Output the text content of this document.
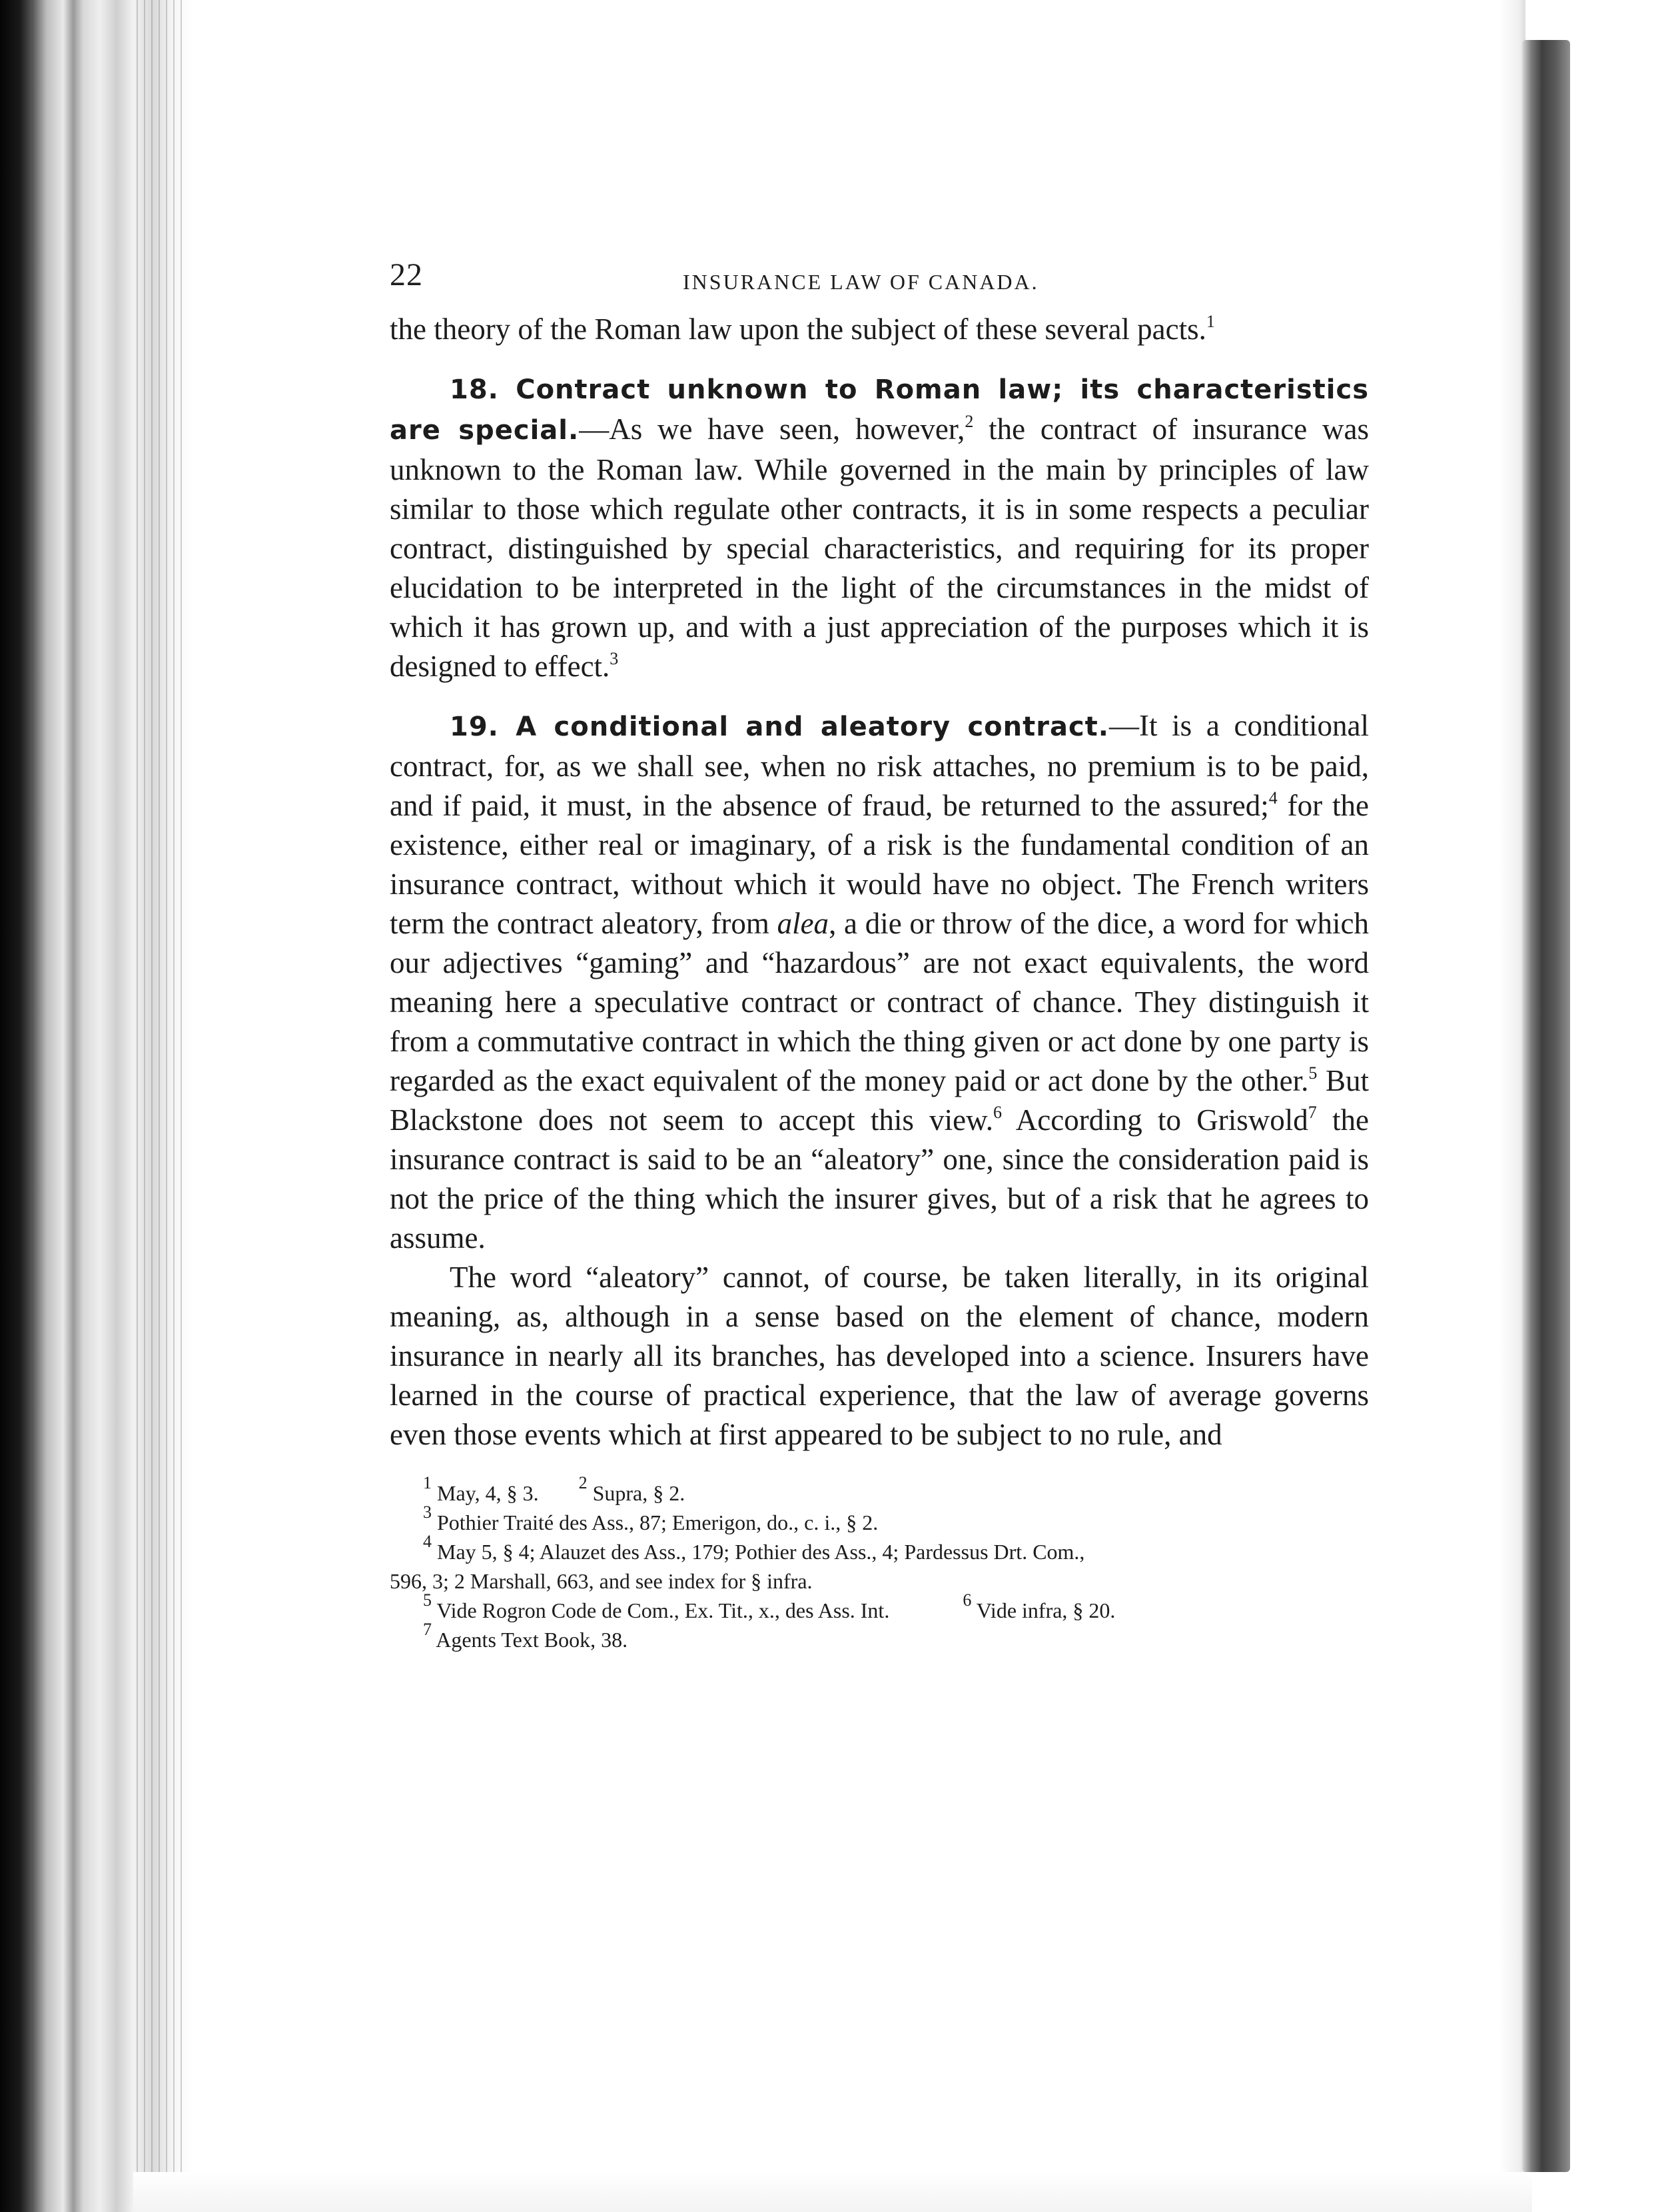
22	INSURANCE LAW OF CANADA.

the theory of the Roman law upon the subject of these several pacts.$^1$

18. Contract unknown to Roman law; its characteristics are special.—As we have seen, however,$^2$ the contract of insurance was unknown to the Roman law. While governed in the main by principles of law similar to those which regulate other contracts, it is in some respects a peculiar contract, distinguished by special characteristics, and requiring for its proper elucidation to be interpreted in the light of the circumstances in the midst of which it has grown up, and with a just appreciation of the purposes which it is designed to effect.$^3$

19. A conditional and aleatory contract.—It is a conditional contract, for, as we shall see, when no risk attaches, no premium is to be paid, and if paid, it must, in the absence of fraud, be returned to the assured;$^4$ for the existence, either real or imaginary, of a risk is the fundamental condition of an insurance contract, without which it would have no object. The French writers term the contract aleatory, from alea, a die or throw of the dice, a word for which our adjectives “gaming” and “hazardous” are not exact equivalents, the word meaning here a speculative contract or contract of chance. They distinguish it from a commutative contract in which the thing given or act done by one party is regarded as the exact equivalent of the money paid or act done by the other.$^5$ But Blackstone does not seem to accept this view.$^6$ According to Griswold$^7$ the insurance contract is said to be an “aleatory” one, since the consideration paid is not the price of the thing which the insurer gives, but of a risk that he agrees to assume.

The word “aleatory” cannot, of course, be taken literally, in its original meaning, as, although in a sense based on the element of chance, modern insurance in nearly all its branches, has developed into a science. Insurers have learned in the course of practical experience, that the law of average governs even those events which at first appeared to be subject to no rule, and

$^1$ May, 4, § 3. $^2$ Supra, § 2.

$^3$ Pothier Traité des Ass., 87; Emerigon, do., c. i., § 2.

$^4$ May 5, § 4; Alauzet des Ass., 179; Pothier des Ass., 4; Pardessus Drt. Com.,

596, 3; 2 Marshall, 663, and see index for § infra.

$^5$ Vide Rogron Code de Com., Ex. Tit., x., des Ass. Int.	$^6$ Vide infra, § 20.

$^7$ Agents Text Book, 38.
